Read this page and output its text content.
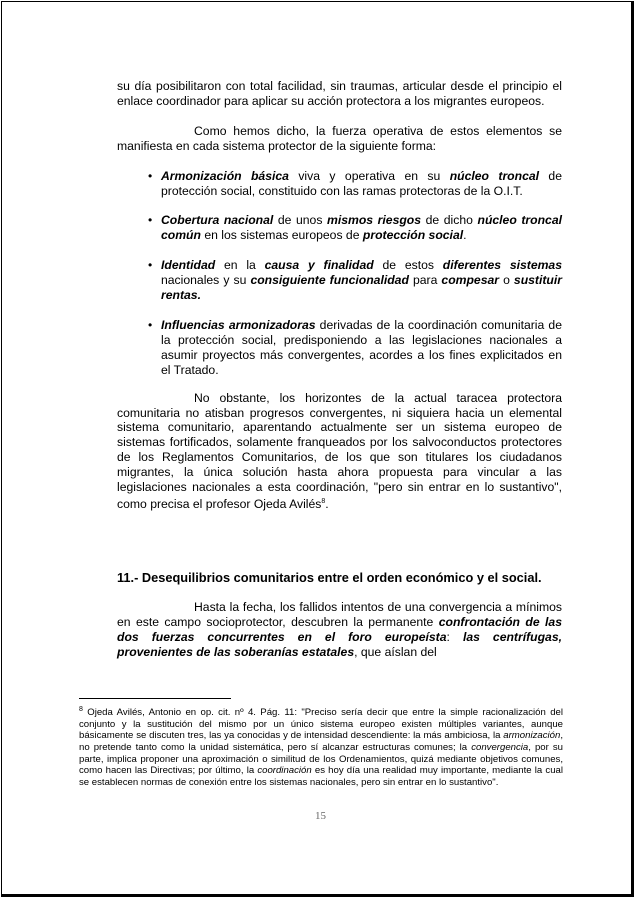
su día posibilitaron con total facilidad, sin traumas, articular desde el principio el enlace coordinador para aplicar su acción protectora a los migrantes europeos.

Como hemos dicho, la fuerza operativa de estos elementos se manifiesta en cada sistema protector de la siguiente forma:

• Armonización básica viva y operativa en su núcleo troncal de protección social, constituido con las ramas protectoras de la O.I.T.
• Cobertura nacional de unos mismos riesgos de dicho núcleo troncal común en los sistemas europeos de protección social.
• Identidad en la causa y finalidad de estos diferentes sistemas nacionales y su consiguiente funcionalidad para compesar o sustituir rentas.
• Influencias armonizadoras derivadas de la coordinación comunitaria de la protección social, predisponiendo a las legislaciones nacionales a asumir proyectos más convergentes, acordes a los fines explicitados en el Tratado.

No obstante, los horizontes de la actual taracea protectora comunitaria no atisban progresos convergentes, ni siquiera hacia un elemental sistema comunitario, aparentando actualmente ser un sistema europeo de sistemas fortificados, solamente franqueados por los salvoconductos protectores de los Reglamentos Comunitarios, de los que son titulares los ciudadanos migrantes, la única solución hasta ahora propuesta para vincular a las legislaciones nacionales a esta coordinación, "pero sin entrar en lo sustantivo", como precisa el profesor Ojeda Avilés$^8$.

11.- Desequilibrios comunitarios entre el orden económico y el social.

Hasta la fecha, los fallidos intentos de una convergencia a mínimos en este campo socioprotector, descubren la permanente confrontación de las dos fuerzas concurrentes en el foro europeísta: las centrífugas, provenientes de las soberanías estatales, que aíslan del

$^8$ Ojeda Avilés, Antonio en op. cit. nº 4. Pág. 11: "Preciso sería decir que entre la simple racionalización del conjunto y la sustitución del mismo por un único sistema europeo existen múltiples variantes, aunque básicamente se discuten tres, las ya conocidas y de intensidad descendiente: la más ambiciosa, la armonización, no pretende tanto como la unidad sistemática, pero sí alcanzar estructuras comunes; la convergencia, por su parte, implica proponer una aproximación o similitud de los Ordenamientos, quizá mediante objetivos comunes, como hacen las Directivas; por último, la coordinación es hoy día una realidad muy importante, mediante la cual se establecen normas de conexión entre los sistemas nacionales, pero sin entrar en lo sustantivo".

15
